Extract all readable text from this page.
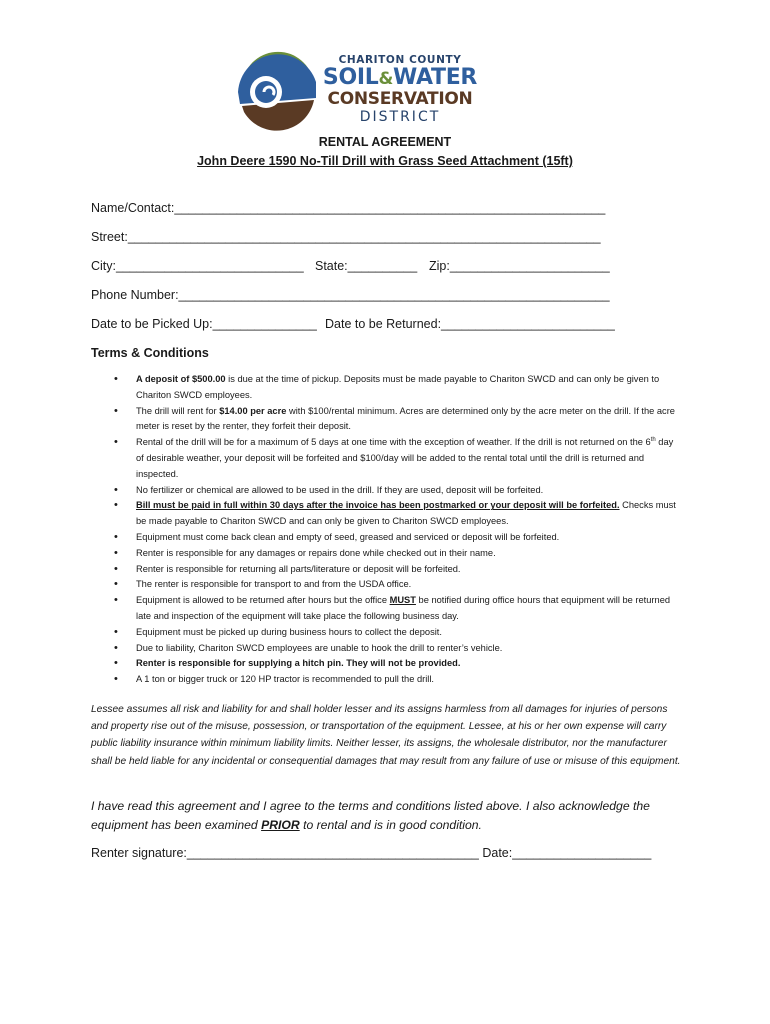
CHARITON COUNTY
SOIL&WATER
CONSERVATION
DISTRICT
RENTAL AGREEMENT
John Deere 1590 No-Till Drill with Grass Seed Attachment (15ft)
Name/Contact:______________________________________________________________
Street:____________________________________________________________________
City:___________________________ State:__________ Zip:_______________________
Phone Number:______________________________________________________________
Date to be Picked Up:_______________ Date to be Returned:_________________________
Terms & Conditions
• A deposit of $500.00 is due at the time of pickup. Deposits must be made payable to Chariton SWCD and can only be given to Chariton SWCD employees.
• The drill will rent for $14.00 per acre with $100/rental minimum. Acres are determined only by the acre meter on the drill. If the acre meter is reset by the renter, they forfeit their deposit.
• Rental of the drill will be for a maximum of 5 days at one time with the exception of weather. If the drill is not returned on the 6th day of desirable weather, your deposit will be forfeited and $100/day will be added to the rental total until the drill is returned and inspected.
• No fertilizer or chemical are allowed to be used in the drill. If they are used, deposit will be forfeited.
• Bill must be paid in full within 30 days after the invoice has been postmarked or your deposit will be forfeited. Checks must be made payable to Chariton SWCD and can only be given to Chariton SWCD employees.
• Equipment must come back clean and empty of seed, greased and serviced or deposit will be forfeited.
• Renter is responsible for any damages or repairs done while checked out in their name.
• Renter is responsible for returning all parts/literature or deposit will be forfeited.
• The renter is responsible for transport to and from the USDA office.
• Equipment is allowed to be returned after hours but the office MUST be notified during office hours that equipment will be returned late and inspection of the equipment will take place the following business day.
• Equipment must be picked up during business hours to collect the deposit.
• Due to liability, Chariton SWCD employees are unable to hook the drill to renter’s vehicle.
• Renter is responsible for supplying a hitch pin. They will not be provided.
• A 1 ton or bigger truck or 120 HP tractor is recommended to pull the drill.
Lessee assumes all risk and liability for and shall holder lesser and its assigns harmless from all damages for injuries of persons and property rise out of the misuse, possession, or transportation of the equipment. Lessee, at his or her own expense will carry public liability insurance within minimum liability limits. Neither lesser, its assigns, the wholesale distributor, nor the manufacturer shall be held liable for any incidental or consequential damages that may result from any failure of use or misuse of this equipment.
I have read this agreement and I agree to the terms and conditions listed above. I also acknowledge the equipment has been examined PRIOR to rental and is in good condition.
Renter signature:__________________________________________ Date:____________________
